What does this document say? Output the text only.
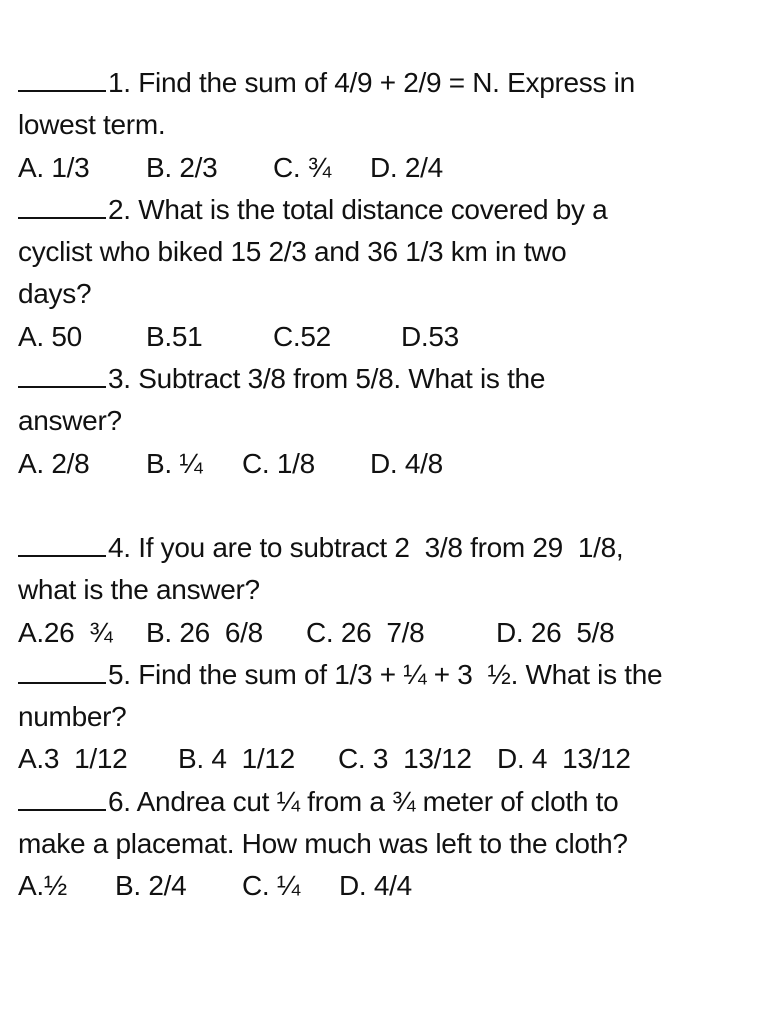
1. Find the sum of 4/9 + 2/9 = N. Express in
lowest term.
A. 1/3	B. 2/3	C. ¾	D. 2/4
2. What is the total distance covered by a
cyclist who biked 15 2/3 and 36 1/3 km in two
days?
A. 50	B.51	C.52	D.53
3. Subtract 3/8 from 5/8. What is the
answer?
A. 2/8	B. ¼	C. 1/8	D. 4/8
4. If you are to subtract 2  3/8 from 29  1/8,
what is the answer?
A.26  ¾	B. 26  6/8	C. 26  7/8	D. 26  5/8
5. Find the sum of 1/3 + ¼ + 3  ½. What is the
number?
A.3  1/12	B. 4  1/12	C. 3  13/12 D. 4  13/12
6. Andrea cut ¼ from a ¾ meter of cloth to
make a placemat. How much was left to the cloth?
A.½	B. 2/4	C. ¼	D. 4/4
